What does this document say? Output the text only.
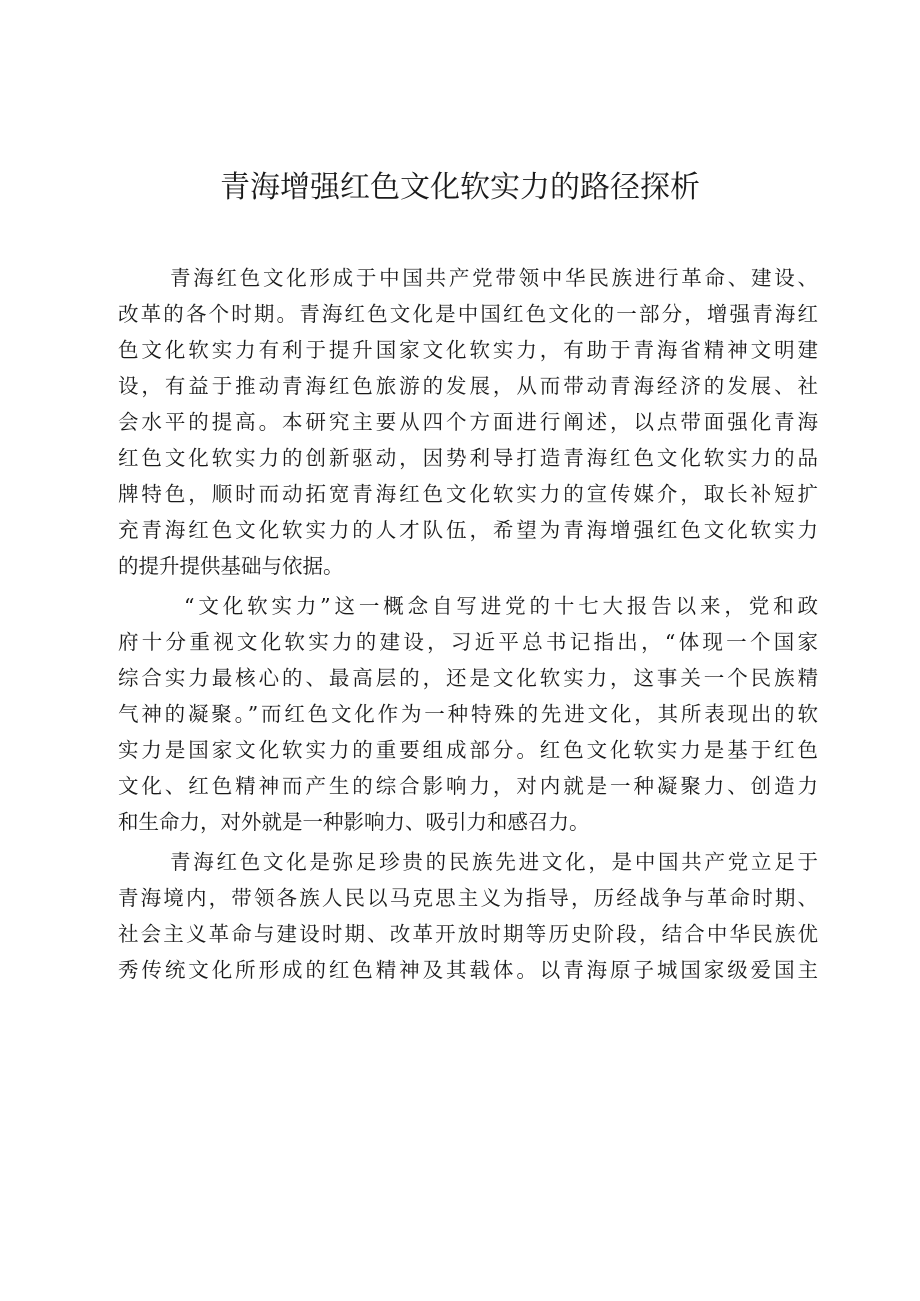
青海增强红色文化软实力的路径探析
青海红色文化形成于中国共产党带领中华民族进行革命、建设、
改革的各个时期。青海红色文化是中国红色文化的一部分，增强青海红
色文化软实力有利于提升国家文化软实力，有助于青海省精神文明建
设，有益于推动青海红色旅游的发展，从而带动青海经济的发展、社
会水平的提高。本研究主要从四个方面进行阐述，以点带面强化青海
红色文化软实力的创新驱动，因势利导打造青海红色文化软实力的品
牌特色，顺时而动拓宽青海红色文化软实力的宣传媒介，取长补短扩
充青海红色文化软实力的人才队伍，希望为青海增强红色文化软实力
的提升提供基础与依据。
“文化软实力”这一概念自写进党的十七大报告以来，党和政
府十分重视文化软实力的建设，习近平总书记指出，“体现一个国家
综合实力最核心的、最高层的，还是文化软实力，这事关一个民族精
气神的凝聚。”而红色文化作为一种特殊的先进文化，其所表现出的软
实力是国家文化软实力的重要组成部分。红色文化软实力是基于红色
文化、红色精神而产生的综合影响力，对内就是一种凝聚力、创造力
和生命力，对外就是一种影响力、吸引力和感召力。
青海红色文化是弥足珍贵的民族先进文化，是中国共产党立足于
青海境内，带领各族人民以马克思主义为指导，历经战争与革命时期、
社会主义革命与建设时期、改革开放时期等历史阶段，结合中华民族优
秀传统文化所形成的红色精神及其载体。以青海原子城国家级爱国主
